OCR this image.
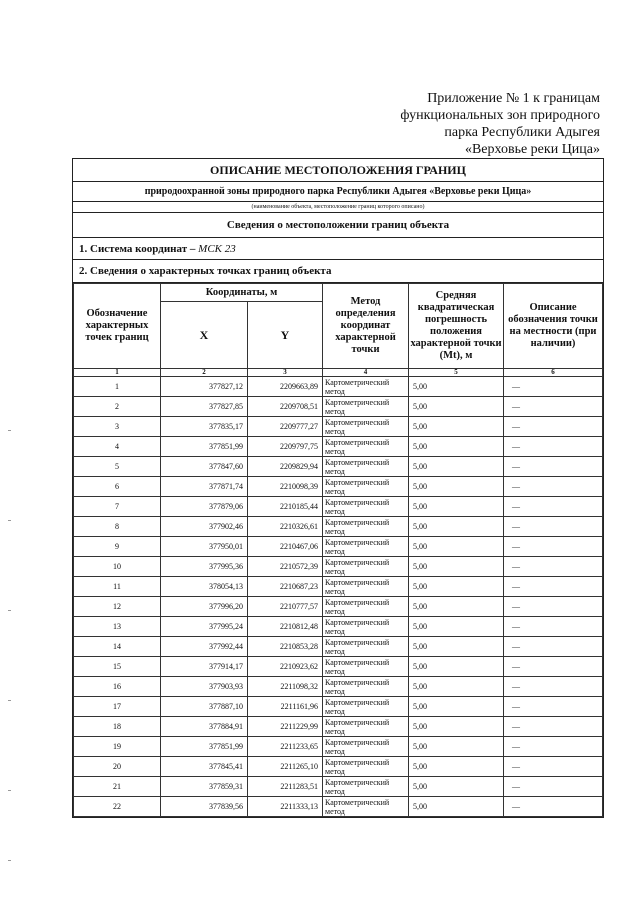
Приложение № 1 к границам
функциональных зон природного
парка Республики Адыгея
«Верховье реки Цица»
ОПИСАНИЕ МЕСТОПОЛОЖЕНИЯ ГРАНИЦ
природоохранной зоны природного парка Республики Адыгея «Верховье реки Цица»
(наименование объекта, местоположение границ которого описано)
Сведения о местоположении границ объекта
1. Система координат – МСК 23
2. Сведения о характерных точках границ объекта
Обозначение характерных точек границ	Координаты, м		Метод определения координат характерной точки	Средняя квадратическая погрешность положения характерной точки (Mt), м	Описание обозначения точки на местности (при наличии)
	X	Y			
1	2	3	4	5	6
1	377827,12	2209663,89	Картометрический метод	5,00	—
2	377827,85	2209708,51	Картометрический метод	5,00	—
3	377835,17	2209777,27	Картометрический метод	5,00	—
4	377851,99	2209797,75	Картометрический метод	5,00	—
5	377847,60	2209829,94	Картометрический метод	5,00	—
6	377871,74	2210098,39	Картометрический метод	5,00	—
7	377879,06	2210185,44	Картометрический метод	5,00	—
8	377902,46	2210326,61	Картометрический метод	5,00	—
9	377950,01	2210467,06	Картометрический метод	5,00	—
10	377995,36	2210572,39	Картометрический метод	5,00	—
11	378054,13	2210687,23	Картометрический метод	5,00	—
12	377996,20	2210777,57	Картометрический метод	5,00	—
13	377995,24	2210812,48	Картометрический метод	5,00	—
14	377992,44	2210853,28	Картометрический метод	5,00	—
15	377914,17	2210923,62	Картометрический метод	5,00	—
16	377903,93	2211098,32	Картометрический метод	5,00	—
17	377887,10	2211161,96	Картометрический метод	5,00	—
18	377884,91	2211229,99	Картометрический метод	5,00	—
19	377851,99	2211233,65	Картометрический метод	5,00	—
20	377845,41	2211265,10	Картометрический метод	5,00	—
21	377859,31	2211283,51	Картометрический метод	5,00	—
22	377839,56	2211333,13	Картометрический метод	5,00	—
